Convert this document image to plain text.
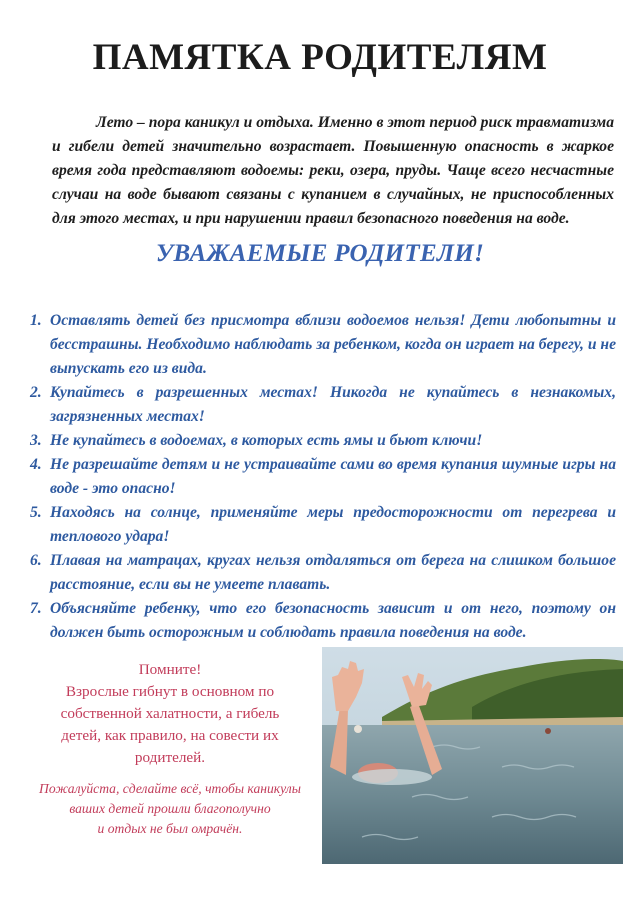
ПАМЯТКА РОДИТЕЛЯМ

Лето – пора каникул и отдыха. Именно в этот период риск травматизма и гибели детей значительно возрастает. Повышенную опасность в жаркое время года представляют водоемы: реки, озера, пруды. Чаще всего несчастные случаи на воде бывают связаны с купанием в случайных, не приспособленных для этого местах, и при нарушении правил безопасного поведения на воде.

УВАЖАЕМЫЕ РОДИТЕЛИ!
1. Оставлять детей без присмотра вблизи водоемов нельзя! Дети любопытны и бесстрашны. Необходимо наблюдать за ребенком, когда он играет на берегу, и не выпускать его из вида.
2. Купайтесь в разрешенных местах! Никогда не купайтесь в незнакомых, загрязненных местах!
3. Не купайтесь в водоемах, в которых есть ямы и бьют ключи!
4. Не разрешайте детям и не устраивайте сами во время купания шумные игры на воде - это опасно!
5. Находясь на солнце, применяйте меры предосторожности от перегрева и теплового удара!
6. Плавая на матрацах, кругах нельзя отдаляться от берега на слишком большое расстояние, если вы не умеете плавать.
7. Объясняйте ребенку, что его безопасность зависит и от него, поэтому он должен быть осторожным и соблюдать правила поведения на воде.
Помните!
Взрослые гибнут в основном по
собственной халатности, а гибель
детей, как правило, на совести их
родителей.
Пожалуйста, сделайте всё, чтобы каникулы
ваших детей прошли благополучно
и отдых не был омрачён.
